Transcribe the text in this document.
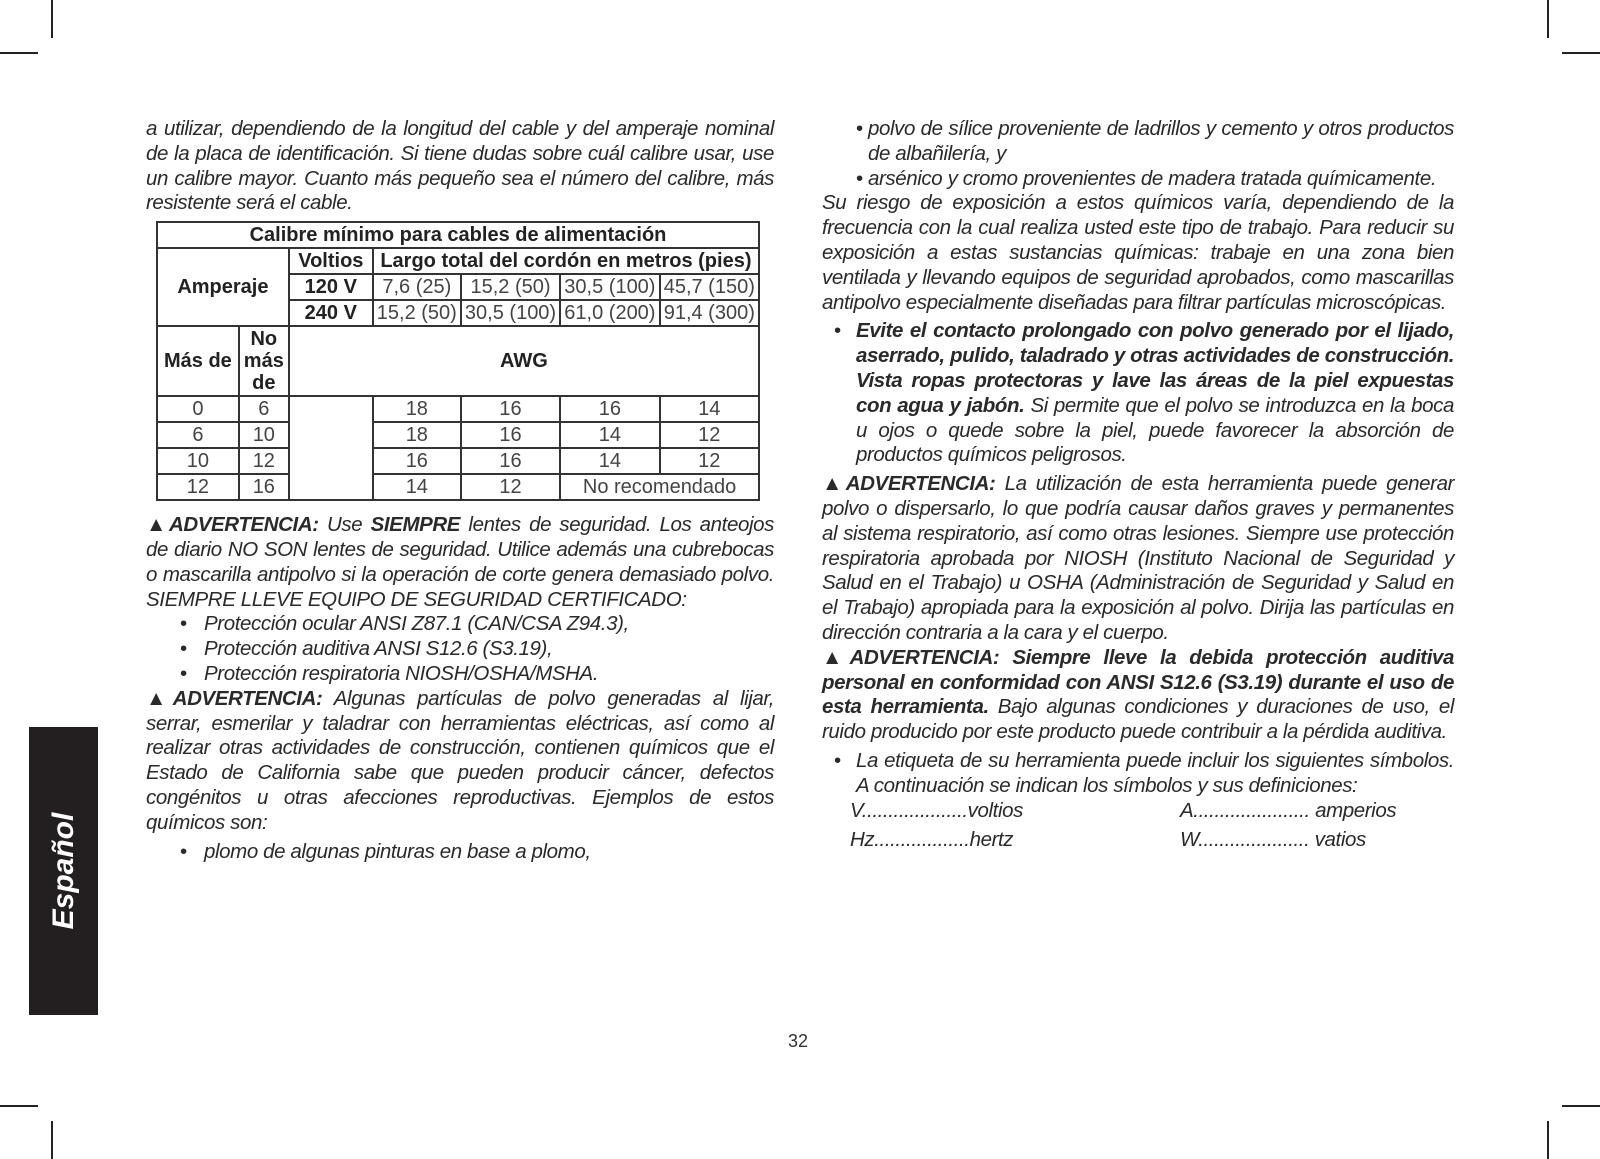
Español

a utilizar, dependiendo de la longitud del cable y del amperaje nominal de la placa de identificación. Si tiene dudas sobre cuál calibre usar, use un calibre mayor. Cuanto más pequeño sea el número del calibre, más resistente será el cable.

Calibre mínimo para cables de alimentación						
Amperaje		Voltios	Largo total del cordón en metros (pies)			
		120 V	7,6 (25)	15,2 (50)	30,5 (100)	45,7 (150)
		240 V	15,2 (50)	30,5 (100)	61,0 (200)	91,4 (300)
Más de	No más de	AWG				
0	6		18	16	16	14
6	10		18	16	14	12
10	12		16	16	14	12
12	16		14	12	No recomendado	

▲ADVERTENCIA: Use SIEMPRE lentes de seguridad. Los anteojos de diario NO SON lentes de seguridad. Utilice además una cubrebocas o mascarilla antipolvo si la operación de corte genera demasiado polvo. SIEMPRE LLEVE EQUIPO DE SEGURIDAD CERTIFICADO:

• Protección ocular ANSI Z87.1 (CAN/CSA Z94.3),

• Protección auditiva ANSI S12.6 (S3.19),

• Protección respiratoria NIOSH/OSHA/MSHA.

▲ADVERTENCIA: Algunas partículas de polvo generadas al lijar, serrar, esmerilar y taladrar con herramientas eléctricas, así como al realizar otras actividades de construcción, contienen químicos que el Estado de California sabe que pueden producir cáncer, defectos congénitos u otras afecciones reproductivas. Ejemplos de estos químicos son:

• plomo de algunas pinturas en base a plomo,

• polvo de sílice proveniente de ladrillos y cemento y otros productos de albañilería, y

• arsénico y cromo provenientes de madera tratada químicamente.

Su riesgo de exposición a estos químicos varía, dependiendo de la frecuencia con la cual realiza usted este tipo de trabajo. Para reducir su exposición a estas sustancias químicas: trabaje en una zona bien ventilada y llevando equipos de seguridad aprobados, como mascarillas antipolvo especialmente diseñadas para filtrar partículas microscópicas.

• Evite el contacto prolongado con polvo generado por el lijado, aserrado, pulido, taladrado y otras actividades de construcción. Vista ropas protectoras y lave las áreas de la piel expuestas con agua y jabón. Si permite que el polvo se introduzca en la boca u ojos o quede sobre la piel, puede favorecer la absorción de productos químicos peligrosos.

▲ADVERTENCIA: La utilización de esta herramienta puede generar polvo o dispersarlo, lo que podría causar daños graves y permanentes al sistema respiratorio, así como otras lesiones. Siempre use protección respiratoria aprobada por NIOSH (Instituto Nacional de Seguridad y Salud en el Trabajo) u OSHA (Administración de Seguridad y Salud en el Trabajo) apropiada para la exposición al polvo. Dirija las partículas en dirección contraria a la cara y el cuerpo.

▲ADVERTENCIA: Siempre lleve la debida protección auditiva personal en conformidad con ANSI S12.6 (S3.19) durante el uso de esta herramienta. Bajo algunas condiciones y duraciones de uso, el ruido producido por este producto puede contribuir a la pérdida auditiva.

• La etiqueta de su herramienta puede incluir los siguientes símbolos. A continuación se indican los símbolos y sus definiciones:

V....................voltios	A...................... amperios
Hz..................hertz	W..................... vatios
32
